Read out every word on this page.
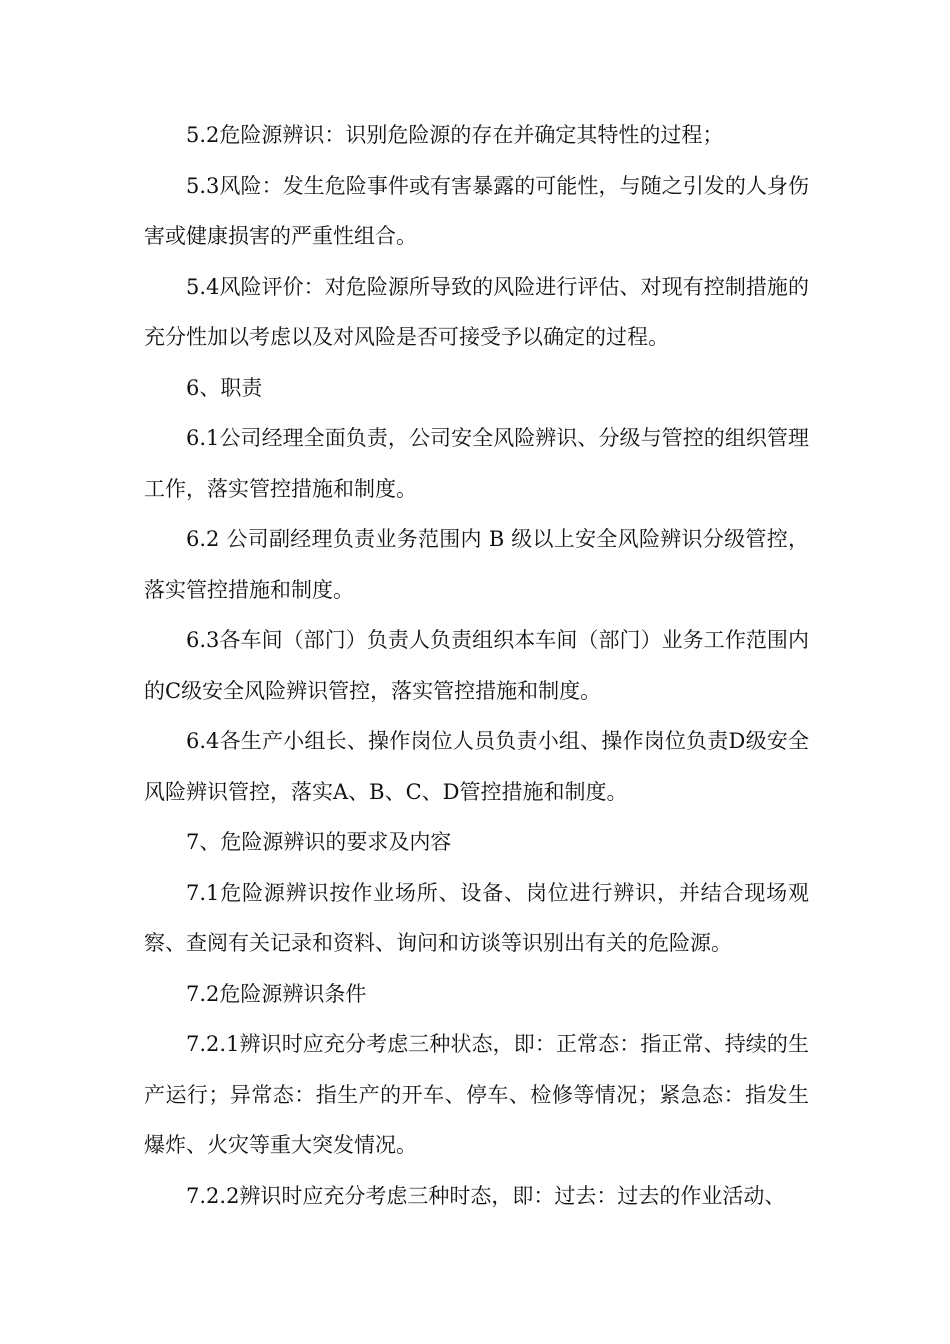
5.2危险源辨识：识别危险源的存在并确定其特性的过程；

5.3风险：发生危险事件或有害暴露的可能性，与随之引发的人身伤害或健康损害的严重性组合。

5.4风险评价：对危险源所导致的风险进行评估、对现有控制措施的充分性加以考虑以及对风险是否可接受予以确定的过程。

6、职责

6.1公司经理全面负责，公司安全风险辨识、分级与管控的组织管理工作，落实管控措施和制度。

6.2 公司副经理负责业务范围内 B 级以上安全风险辨识分级管控，落实管控措施和制度。

6.3各车间（部门）负责人负责组织本车间（部门）业务工作范围内的C级安全风险辨识管控，落实管控措施和制度。

6.4各生产小组长、操作岗位人员负责小组、操作岗位负责D级安全风险辨识管控，落实A、B、C、D管控措施和制度。

7、危险源辨识的要求及内容

7.1危险源辨识按作业场所、设备、岗位进行辨识，并结合现场观察、查阅有关记录和资料、询问和访谈等识别出有关的危险源。

7.2危险源辨识条件

7.2.1辨识时应充分考虑三种状态，即：正常态：指正常、持续的生产运行；异常态：指生产的开车、停车、检修等情况；紧急态：指发生爆炸、火灾等重大突发情况。

7.2.2辨识时应充分考虑三种时态，即：过去：过去的作业活动、
